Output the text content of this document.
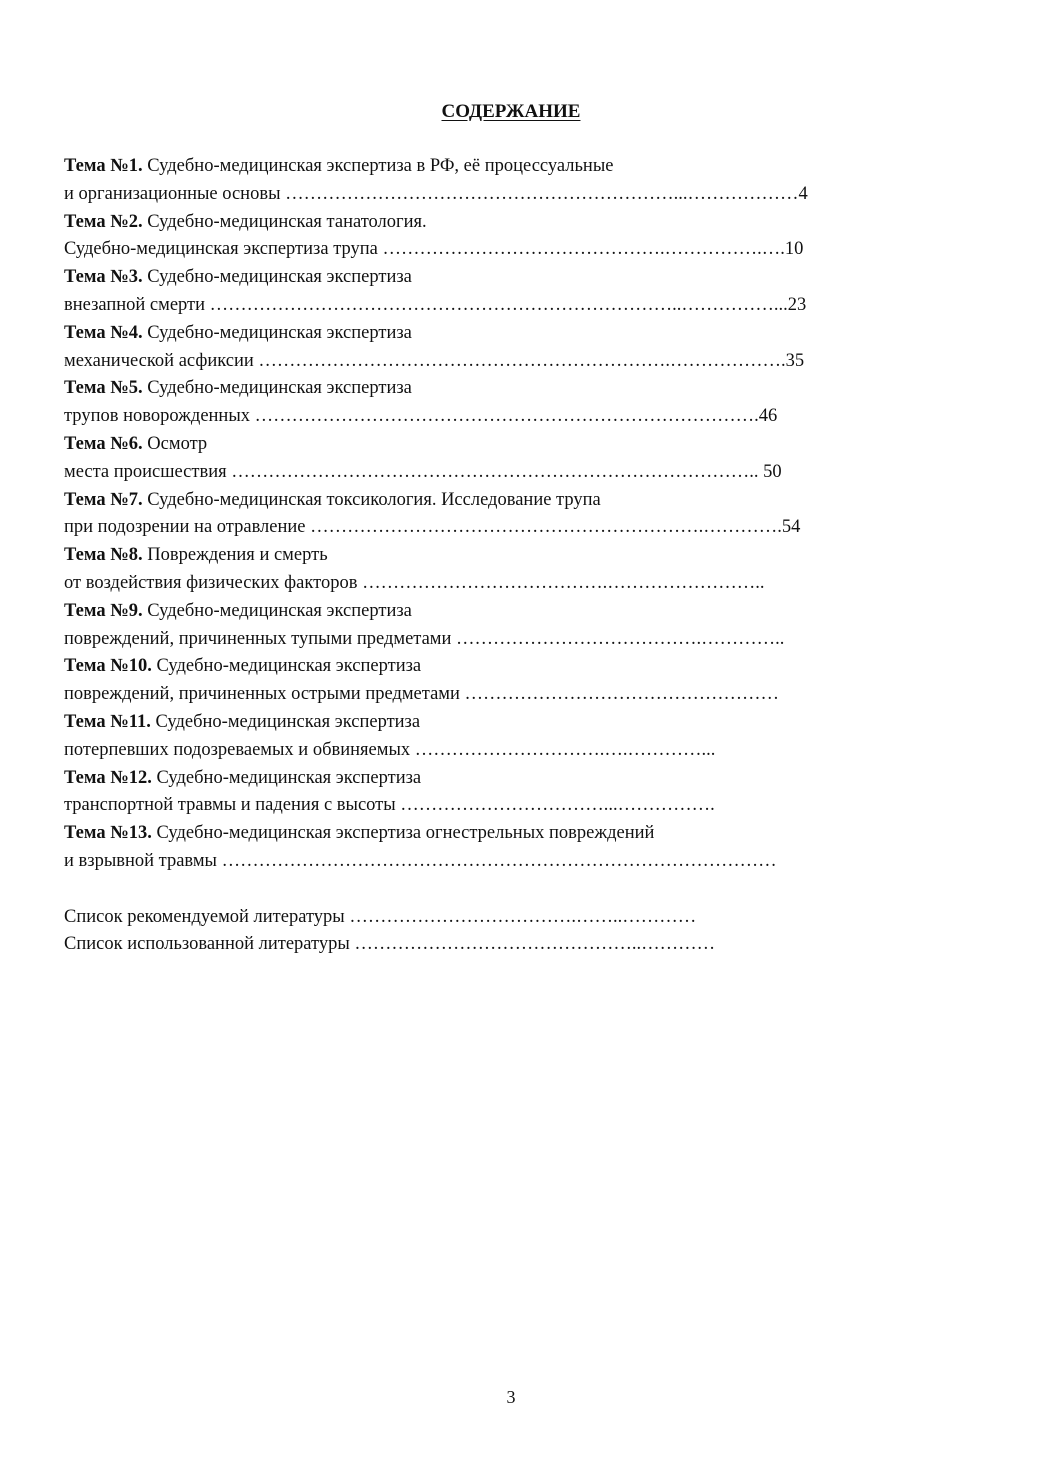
СОДЕРЖАНИЕ
Тема №1. Судебно-медицинская экспертиза в РФ, её процессуальные
и организационные основы ………………………………………………………...………………4
Тема №2. Судебно-медицинская танатология.
Судебно-медицинская экспертиза трупа ……………………………………….…………….….10
Тема №3. Судебно-медицинская экспертиза
внезапной смерти …………………………………………………………………..……………...23
Тема №4. Судебно-медицинская экспертиза
механической асфиксии ………………………………………………………….……………….35
Тема №5. Судебно-медицинская экспертиза
трупов новорожденных ……………………………………………………………………….46
Тема №6. Осмотр
места происшествия ………………………………………………………………………….. 50
Тема №7. Судебно-медицинская токсикология. Исследование трупа
при подозрении на отравление ……………………………………………………….………….54
Тема №8. Повреждения и смерть
от воздействия физических факторов ………………………………….……………………..
Тема №9. Судебно-медицинская экспертиза
повреждений, причиненных тупыми предметами ………………………………….…………..
Тема №10. Судебно-медицинская экспертиза
повреждений, причиненных острыми предметами ……………………………………………
Тема №11. Судебно-медицинская экспертиза
потерпевших подозреваемых и обвиняемых ………………………….….…………...
Тема №12. Судебно-медицинская экспертиза
транспортной травмы и падения с высоты ……………………………...…………….
Тема №13. Судебно-медицинская экспертиза огнестрельных повреждений
и взрывной травмы ………………………………………………………………………………
Список рекомендуемой литературы ……………………………….……..…………
Список использованной литературы ………………………………………..…………
3
